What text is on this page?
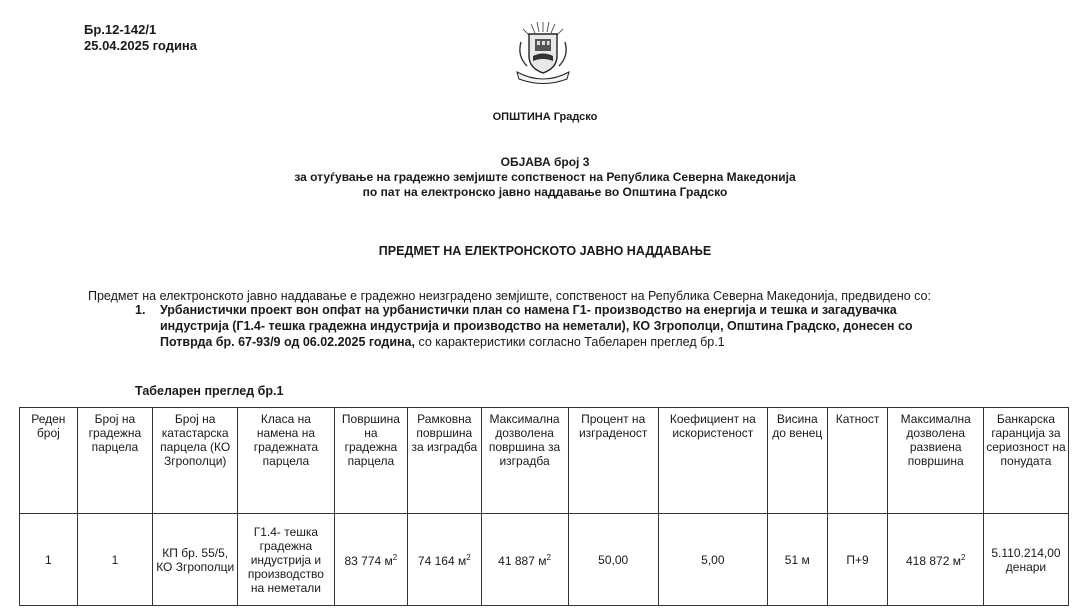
Бр.12-142/1
25.04.2025 година
ОПШТИНА Градско
ОБЈАВА број 3
за отуѓување на градежно земјиште сопственост на Република Северна Македонија
по пат на електронско јавно наддавање во Општина Градско
ПРЕДМЕТ НА ЕЛЕКТРОНСКОТО ЈАВНО НАДДАВАЊЕ
Предмет на електронското јавно наддавање е градежно неизградено земјиште, сопственост на Република Северна Македонија, предвидено со:
1. Урбанистички проект вон опфат на урбанистички план со намена Г1- производство на енергија и тешка и загадувачка индустрија (Г1.4- тешка градежна индустрија и производство на неметали), КО Згрополци, Општина Градско, донесен со Потврда бр. 67-93/9 од 06.02.2025 година, со карактеристики согласно Табеларен преглед бр.1
Табеларен преглед бр.1
Реден број	Број на градежна парцела	Број на катастарска парцела (КО Згрополци)	Класа на намена на градежната парцела	Површина на градежна парцела	Рамковна површина за изградба	Максимална дозволена површина за изградба	Процент на изграденост	Коефициент на искористеност	Висина до венец	Катност	Максимална дозволена развиена површина	Банкарска гаранција за сериозност на понудата
1	1	КП бр. 55/5, КО Згрополци	Г1.4- тешка градежна индустрија и производство на неметали	83 774 $м^2$	74 164 $м^2$	41 887 $м^2$	50,00	5,00	51 м	П+9	418 872 $м^2$	5.110.214,00 денари
